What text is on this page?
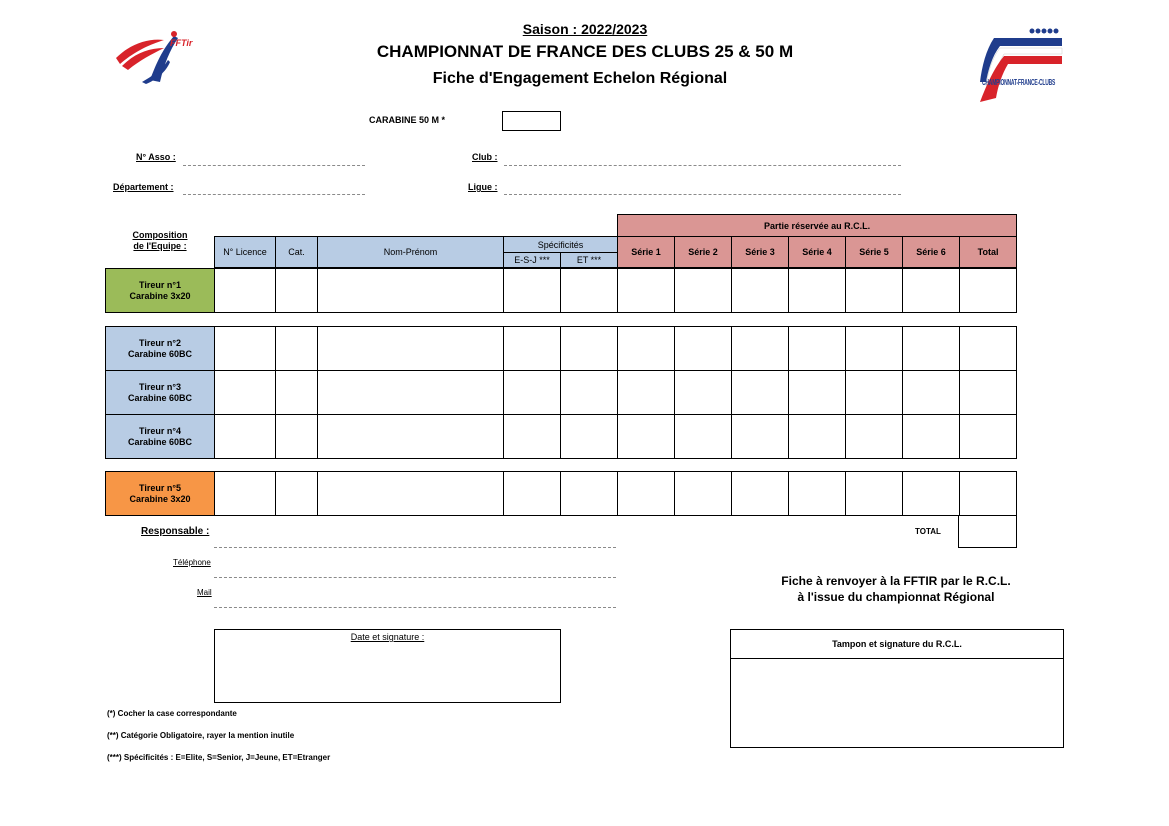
FFTir
CHAMPIONNAT-FRANCE-CLUBS
Saison : 2022/2023
CHAMPIONNAT DE FRANCE DES CLUBS 25 & 50 M
Fiche d'Engagement Echelon Régional
CARABINE 50 M *
N° Asso :	Club :
Département :	Ligue :
Composition
de l'Equipe :
					Partie réservée au R.C.L.						
N° Licence	Cat.	Nom-Prénom	Spécificités		Série 1	Série 2	Série 3	Série 4	Série 5	Série 6	Total
			E-S-J ***	ET ***							
Tireur n°1
Carabine 3x20

Tireur n°2
Carabine 60BC												

Tireur n°3
Carabine 60BC												

Tireur n°4
Carabine 60BC												

Tireur n°5
Carabine 3x20

TOTAL
Responsable :
Téléphone
Mail
Fiche à renvoyer à la FFTIR par le R.C.L.
à l'issue du championnat Régional
Date et signature :
Tampon et signature du R.C.L.
(*) Cocher la case correspondante
(**) Catégorie Obligatoire, rayer la mention inutile
(***) Spécificités : E=Elite, S=Senior, J=Jeune, ET=Etranger
